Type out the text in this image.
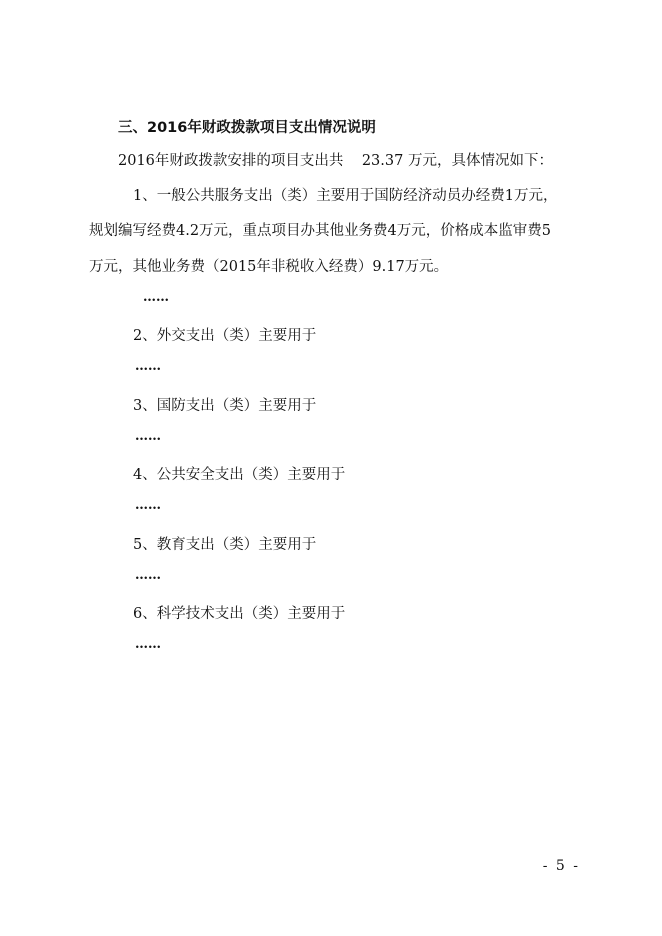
三、2016年财政拨款项目支出情况说明
2016年财政拨款安排的项目支出共    23.37 万元，具体情况如下：
1、一般公共服务支出（类）主要用于国防经济动员办经费1万元，
规划编写经费4.2万元，重点项目办其他业务费4万元，价格成本监审费5
万元，其他业务费（2015年非税收入经费）9.17万元。
……
2、外交支出（类）主要用于
……
3、国防支出（类）主要用于
……
4、公共安全支出（类）主要用于
……
5、教育支出（类）主要用于
……
6、科学技术支出（类）主要用于
……
- 5 -
